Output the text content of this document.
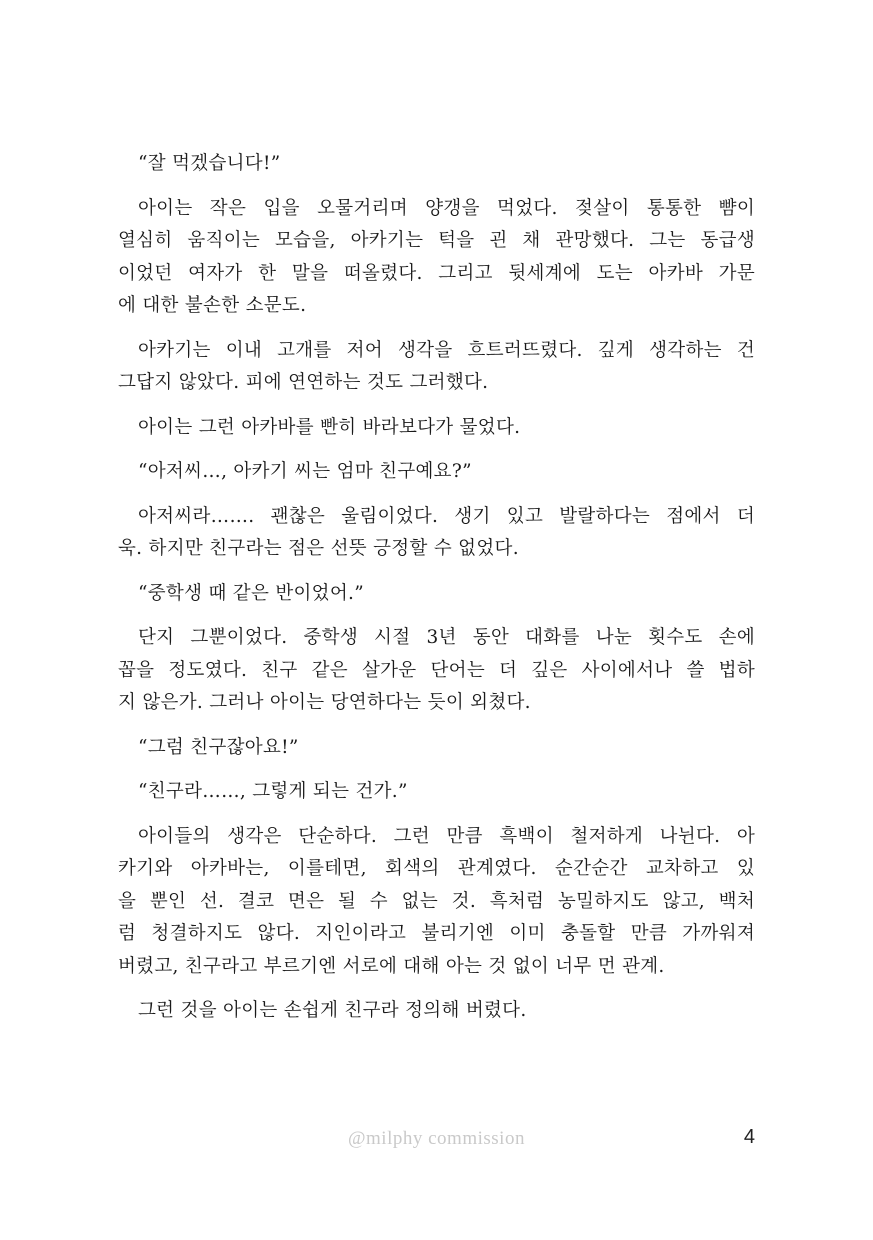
“잘 먹겠습니다!”
아이는 작은 입을 오물거리며 양갱을 먹었다. 젖살이 통통한 뺨이
열심히 움직이는 모습을, 아카기는 턱을 괸 채 관망했다. 그는 동급생
이었던 여자가 한 말을 떠올렸다. 그리고 뒷세계에 도는 아카바 가문
에 대한 불손한 소문도.
아카기는 이내 고개를 저어 생각을 흐트러뜨렸다. 깊게 생각하는 건
그답지 않았다. 피에 연연하는 것도 그러했다.
아이는 그런 아카바를 빤히 바라보다가 물었다.
“아저씨…, 아카기 씨는 엄마 친구예요?”
아저씨라……. 괜찮은 울림이었다. 생기 있고 발랄하다는 점에서 더
욱. 하지만 친구라는 점은 선뜻 긍정할 수 없었다.
“중학생 때 같은 반이었어.”
단지 그뿐이었다. 중학생 시절 3년 동안 대화를 나눈 횟수도 손에
꼽을 정도였다. 친구 같은 살가운 단어는 더 깊은 사이에서나 쓸 법하
지 않은가. 그러나 아이는 당연하다는 듯이 외쳤다.
“그럼 친구잖아요!”
“친구라……, 그렇게 되는 건가.”
아이들의 생각은 단순하다. 그런 만큼 흑백이 철저하게 나뉜다. 아
카기와 아카바는, 이를테면, 회색의 관계였다. 순간순간 교차하고 있
을 뿐인 선. 결코 면은 될 수 없는 것. 흑처럼 농밀하지도 않고, 백처
럼 청결하지도 않다. 지인이라고 불리기엔 이미 충돌할 만큼 가까워져
버렸고, 친구라고 부르기엔 서로에 대해 아는 것 없이 너무 먼 관계.
그런 것을 아이는 손쉽게 친구라 정의해 버렸다.
@milphy commission	4
